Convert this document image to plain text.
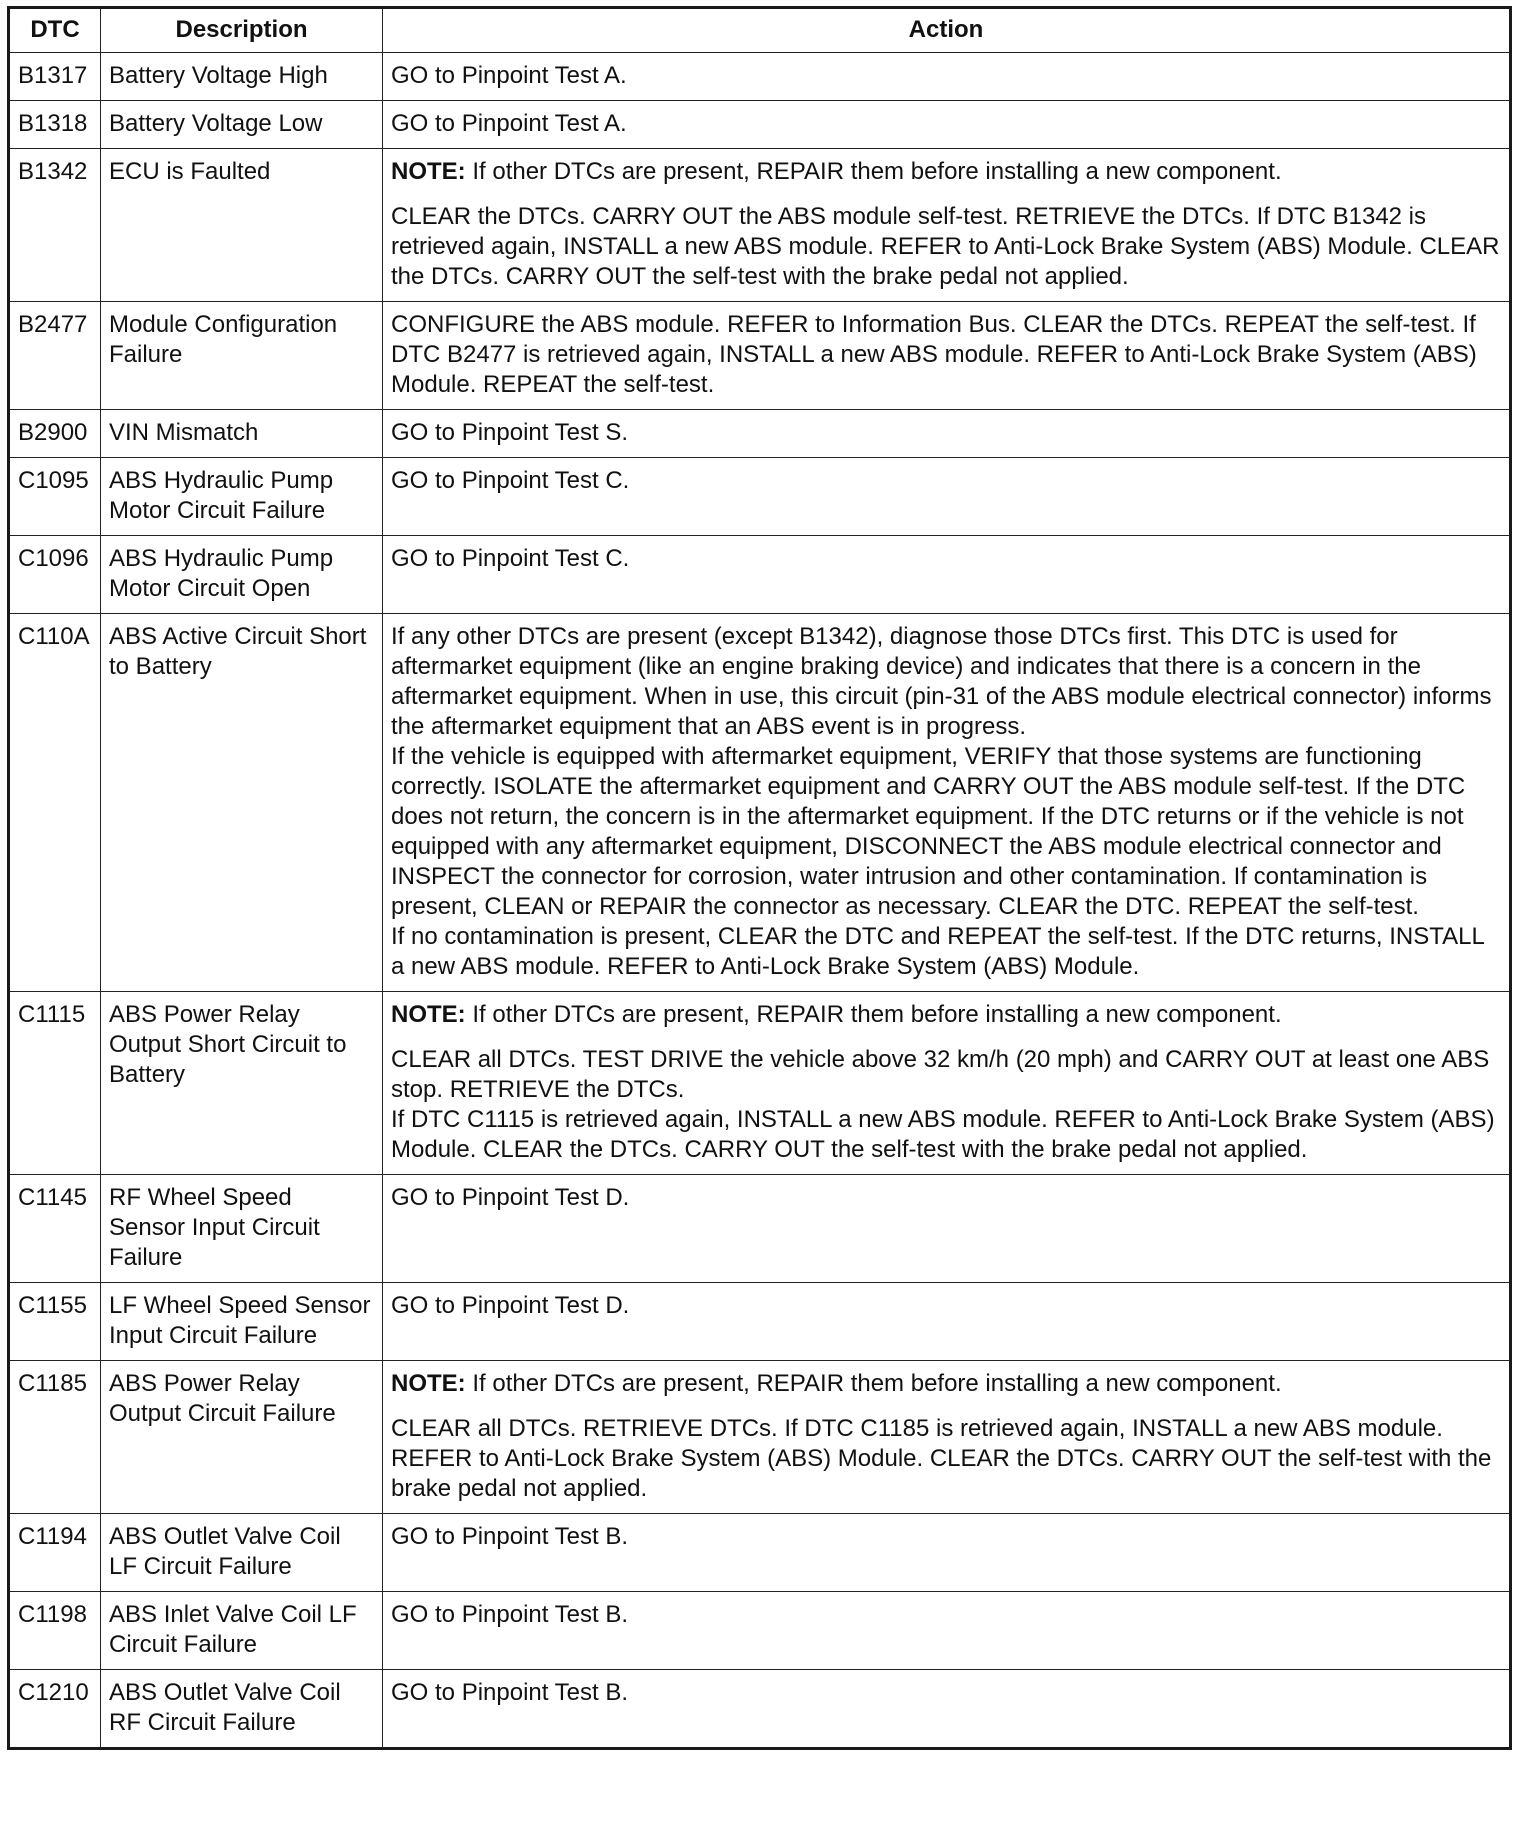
DTC	Description	Action
B1317	Battery Voltage High	GO to Pinpoint Test A.

B1318	Battery Voltage Low	GO to Pinpoint Test A.

B1342	ECU is Faulted	NOTE: If other DTCs are present, REPAIR them before installing a new component.
CLEAR the DTCs. CARRY OUT the ABS module self-test. RETRIEVE the DTCs. If DTC B1342 is retrieved again, INSTALL a new ABS module. REFER to Anti-Lock Brake System (ABS) Module. CLEAR the DTCs. CARRY OUT the self-test with the brake pedal not applied.

B2477	Module Configuration Failure	CONFIGURE the ABS module. REFER to Information Bus. CLEAR the DTCs. REPEAT the self-test. If DTC B2477 is retrieved again, INSTALL a new ABS module. REFER to Anti-Lock Brake System (ABS) Module. REPEAT the self-test.

B2900	VIN Mismatch	GO to Pinpoint Test S.

C1095	ABS Hydraulic Pump Motor Circuit Failure	GO to Pinpoint Test C.

C1096	ABS Hydraulic Pump Motor Circuit Open	GO to Pinpoint Test C.

C110A	ABS Active Circuit Short to Battery	If any other DTCs are present (except B1342), diagnose those DTCs first. This DTC is used for aftermarket equipment (like an engine braking device) and indicates that there is a concern in the aftermarket equipment. When in use, this circuit (pin-31 of the ABS module electrical connector) informs the aftermarket equipment that an ABS event is in progress.
If the vehicle is equipped with aftermarket equipment, VERIFY that those systems are functioning correctly. ISOLATE the aftermarket equipment and CARRY OUT the ABS module self-test. If the DTC does not return, the concern is in the aftermarket equipment. If the DTC returns or if the vehicle is not equipped with any aftermarket equipment, DISCONNECT the ABS module electrical connector and INSPECT the connector for corrosion, water intrusion and other contamination. If contamination is present, CLEAN or REPAIR the connector as necessary. CLEAR the DTC. REPEAT the self-test.
If no contamination is present, CLEAR the DTC and REPEAT the self-test. If the DTC returns, INSTALL a new ABS module. REFER to Anti-Lock Brake System (ABS) Module.

C1115	ABS Power Relay Output Short Circuit to Battery	NOTE: If other DTCs are present, REPAIR them before installing a new component.
CLEAR all DTCs. TEST DRIVE the vehicle above 32 km/h (20 mph) and CARRY OUT at least one ABS stop. RETRIEVE the DTCs.
If DTC C1115 is retrieved again, INSTALL a new ABS module. REFER to Anti-Lock Brake System (ABS) Module. CLEAR the DTCs. CARRY OUT the self-test with the brake pedal not applied.

C1145	RF Wheel Speed Sensor Input Circuit Failure	GO to Pinpoint Test D.

C1155	LF Wheel Speed Sensor Input Circuit Failure	GO to Pinpoint Test D.

C1185	ABS Power Relay Output Circuit Failure	NOTE: If other DTCs are present, REPAIR them before installing a new component.
CLEAR all DTCs. RETRIEVE DTCs. If DTC C1185 is retrieved again, INSTALL a new ABS module. REFER to Anti-Lock Brake System (ABS) Module. CLEAR the DTCs. CARRY OUT the self-test with the brake pedal not applied.

C1194	ABS Outlet Valve Coil LF Circuit Failure	GO to Pinpoint Test B.

C1198	ABS Inlet Valve Coil LF Circuit Failure	GO to Pinpoint Test B.

C1210	ABS Outlet Valve Coil RF Circuit Failure	GO to Pinpoint Test B.
